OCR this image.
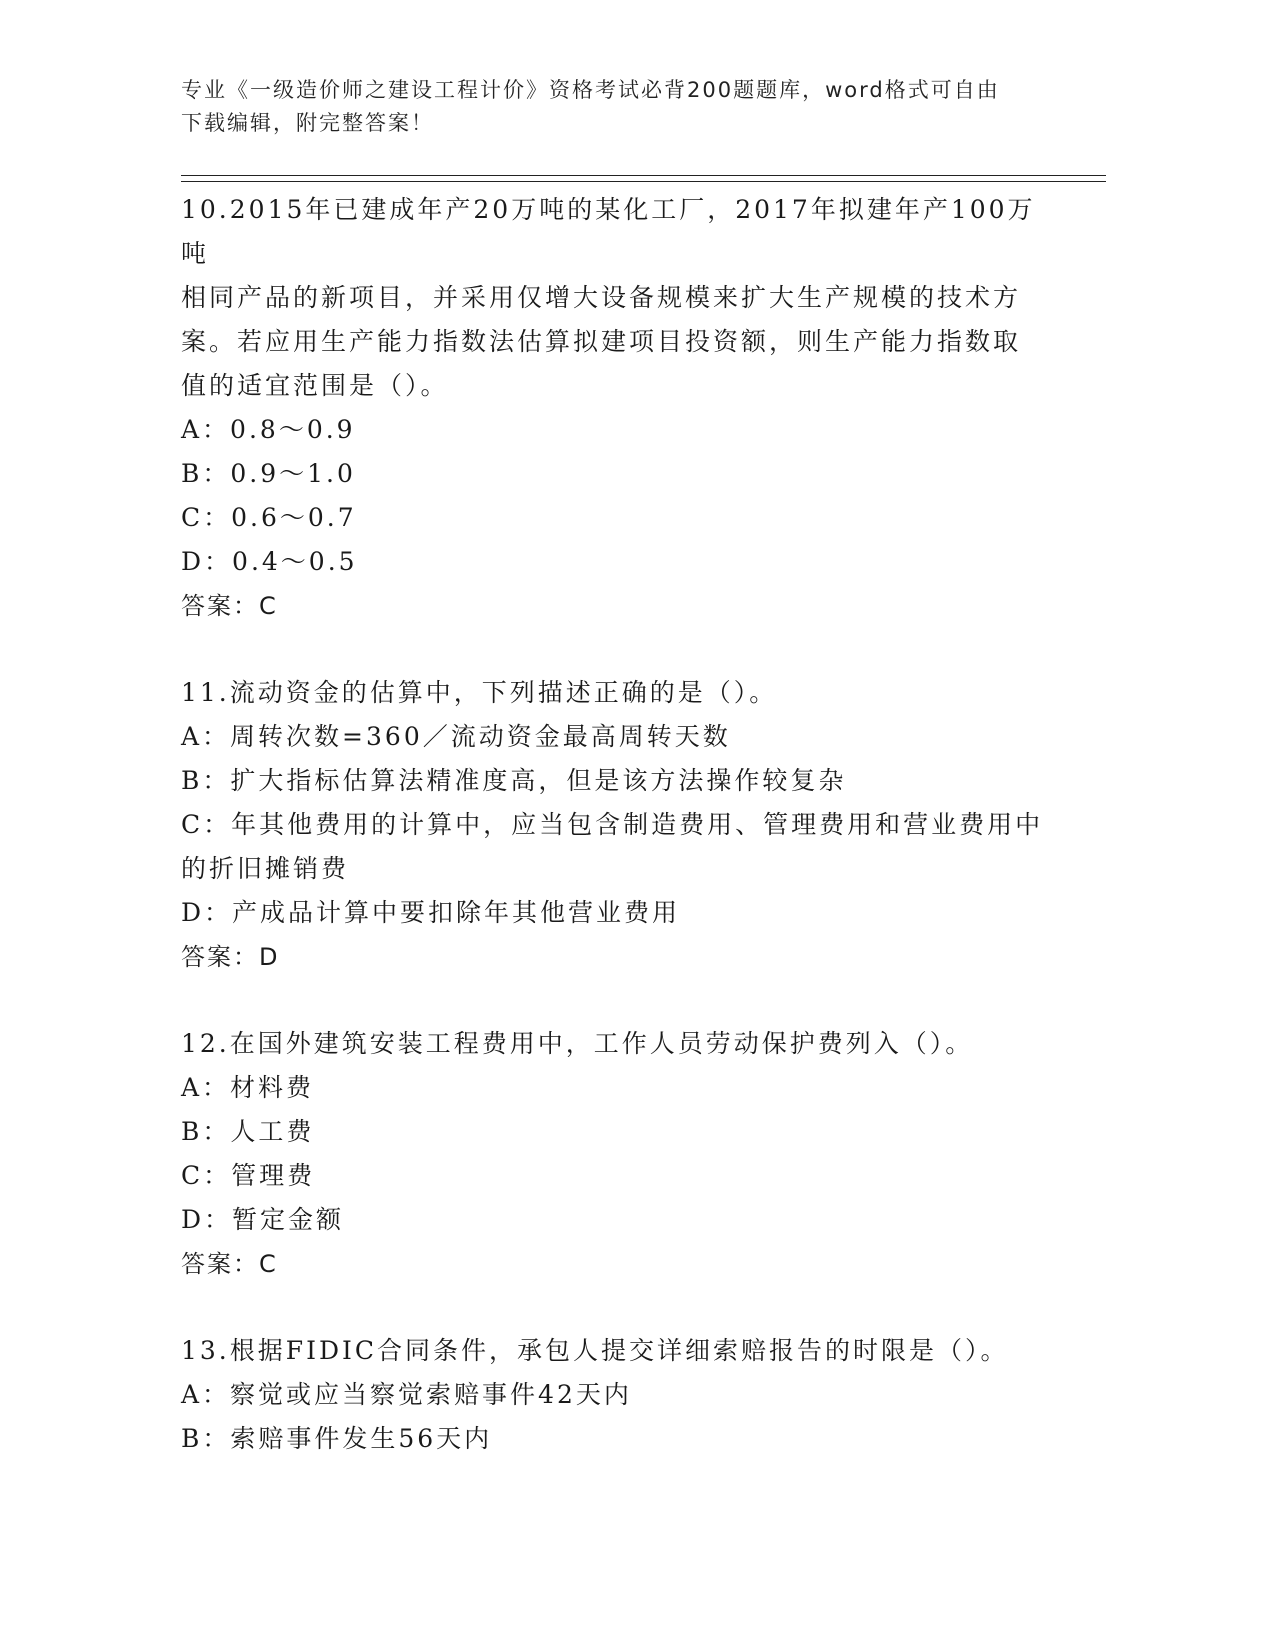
专业《一级造价师之建设工程计价》资格考试必背200题题库，word格式可自由
下载编辑，附完整答案！

10.2015年已建成年产20万吨的某化工厂，2017年拟建年产100万吨

相同产品的新项目，并采用仅增大设备规模来扩大生产规模的技术方

案。若应用生产能力指数法估算拟建项目投资额，则生产能力指数取

值的适宜范围是（）。

A：0.8～0.9

B：0.9～1.0

C：0.6～0.7

D：0.4～0.5

答案：C

11.流动资金的估算中，下列描述正确的是（）。

A：周转次数=360／流动资金最高周转天数

B：扩大指标估算法精准度高，但是该方法操作较复杂

C：年其他费用的计算中，应当包含制造费用、管理费用和营业费用中

的折旧摊销费

D：产成品计算中要扣除年其他营业费用

答案：D

12.在国外建筑安装工程费用中，工作人员劳动保护费列入（）。

A：材料费

B：人工费

C：管理费

D：暂定金额

答案：C

13.根据FIDIC合同条件，承包人提交详细索赔报告的时限是（）。

A：察觉或应当察觉索赔事件42天内

B：索赔事件发生56天内
